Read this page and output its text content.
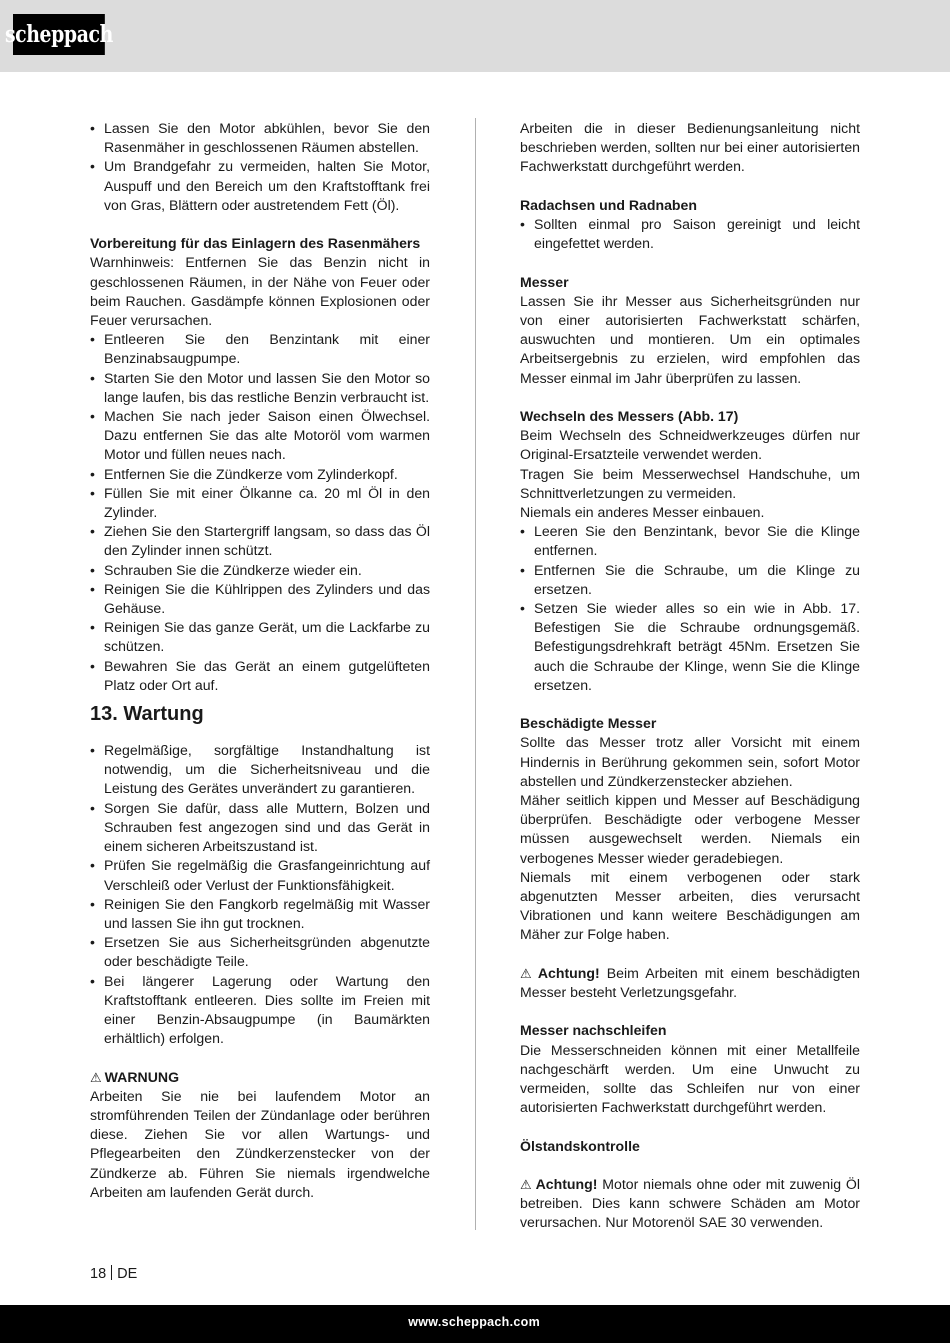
scheppach
• Lassen Sie den Motor abkühlen, bevor Sie den Rasenmäher in geschlossenen Räumen abstellen.
• Um Brandgefahr zu vermeiden, halten Sie Motor, Auspuff und den Bereich um den Kraftstofftank frei von Gras, Blättern oder austretendem Fett (Öl).

Vorbereitung für das Einlagern des Rasenmähers

Warnhinweis: Entfernen Sie das Benzin nicht in geschlossenen Räumen, in der Nähe von Feuer oder beim Rauchen. Gasdämpfe können Explosionen oder Feuer verursachen.

• Entleeren Sie den Benzintank mit einer Benzinabsaugpumpe.
• Starten Sie den Motor und lassen Sie den Motor so lange laufen, bis das restliche Benzin verbraucht ist.
• Machen Sie nach jeder Saison einen Ölwechsel. Dazu entfernen Sie das alte Motoröl vom warmen Motor und füllen neues nach.
• Entfernen Sie die Zündkerze vom Zylinderkopf.
• Füllen Sie mit einer Ölkanne ca. 20 ml Öl in den Zylinder.
• Ziehen Sie den Startergriff langsam, so dass das Öl den Zylinder innen schützt.
• Schrauben Sie die Zündkerze wieder ein.
• Reinigen Sie die Kühlrippen des Zylinders und das Gehäuse.
• Reinigen Sie das ganze Gerät, um die Lackfarbe zu schützen.
• Bewahren Sie das Gerät an einem gutgelüfteten Platz oder Ort auf.
13. Wartung
• Regelmäßige, sorgfältige Instandhaltung ist notwendig, um die Sicherheitsniveau und die Leistung des Gerätes unverändert zu garantieren.
• Sorgen Sie dafür, dass alle Muttern, Bolzen und Schrauben fest angezogen sind und das Gerät in einem sicheren Arbeitszustand ist.
• Prüfen Sie regelmäßig die Grasfangeinrichtung auf Verschleiß oder Verlust der Funktionsfähigkeit.
• Reinigen Sie den Fangkorb regelmäßig mit Wasser und lassen Sie ihn gut trocknen.
• Ersetzen Sie aus Sicherheitsgründen abgenutzte oder beschädigte Teile.
• Bei längerer Lagerung oder Wartung den Kraftstofftank entleeren. Dies sollte im Freien mit einer Benzin-Absaugpumpe (in Baumärkten erhältlich) erfolgen.

⚠ WARNUNG

Arbeiten Sie nie bei laufendem Motor an stromführenden Teilen der Zündanlage oder berühren diese. Ziehen Sie vor allen Wartungs- und Pflegearbeiten den Zündkerzenstecker von der Zündkerze ab. Führen Sie niemals irgendwelche Arbeiten am laufenden Gerät durch.

Arbeiten die in dieser Bedienungsanleitung nicht beschrieben werden, sollten nur bei einer autorisierten Fachwerkstatt durchgeführt werden.

Radachsen und Radnaben

• Sollten einmal pro Saison gereinigt und leicht eingefettet werden.

Messer

Lassen Sie ihr Messer aus Sicherheitsgründen nur von einer autorisierten Fachwerkstatt schärfen, auswuchten und montieren. Um ein optimales Arbeitsergebnis zu erzielen, wird empfohlen das Messer einmal im Jahr überprüfen zu lassen.

Wechseln des Messers (Abb. 17)

Beim Wechseln des Schneidwerkzeuges dürfen nur Original-Ersatzteile verwendet werden.

Tragen Sie beim Messerwechsel Handschuhe, um Schnittverletzungen zu vermeiden.

Niemals ein anderes Messer einbauen.

• Leeren Sie den Benzintank, bevor Sie die Klinge entfernen.
• Entfernen Sie die Schraube, um die Klinge zu ersetzen.
• Setzen Sie wieder alles so ein wie in Abb. 17. Befestigen Sie die Schraube ordnungsgemäß. Befestigungsdrehkraft beträgt 45Nm. Ersetzen Sie auch die Schraube der Klinge, wenn Sie die Klinge ersetzen.

Beschädigte Messer

Sollte das Messer trotz aller Vorsicht mit einem Hindernis in Berührung gekommen sein, sofort Motor abstellen und Zündkerzenstecker abziehen.

Mäher seitlich kippen und Messer auf Beschädigung überprüfen. Beschädigte oder verbogene Messer müssen ausgewechselt werden. Niemals ein verbogenes Messer wieder geradebiegen.

Niemals mit einem verbogenen oder stark abgenutzten Messer arbeiten, dies verursacht Vibrationen und kann weitere Beschädigungen am Mäher zur Folge haben.

⚠ Achtung! Beim Arbeiten mit einem beschädigten Messer besteht Verletzungsgefahr.

Messer nachschleifen

Die Messerschneiden können mit einer Metallfeile nachgeschärft werden. Um eine Unwucht zu vermeiden, sollte das Schleifen nur von einer autorisierten Fachwerkstatt durchgeführt werden.

Ölstandskontrolle

⚠ Achtung! Motor niemals ohne oder mit zuwenig Öl betreiben. Dies kann schwere Schäden am Motor verursachen. Nur Motorenöl SAE 30 verwenden.

18 DE
www.scheppach.com
